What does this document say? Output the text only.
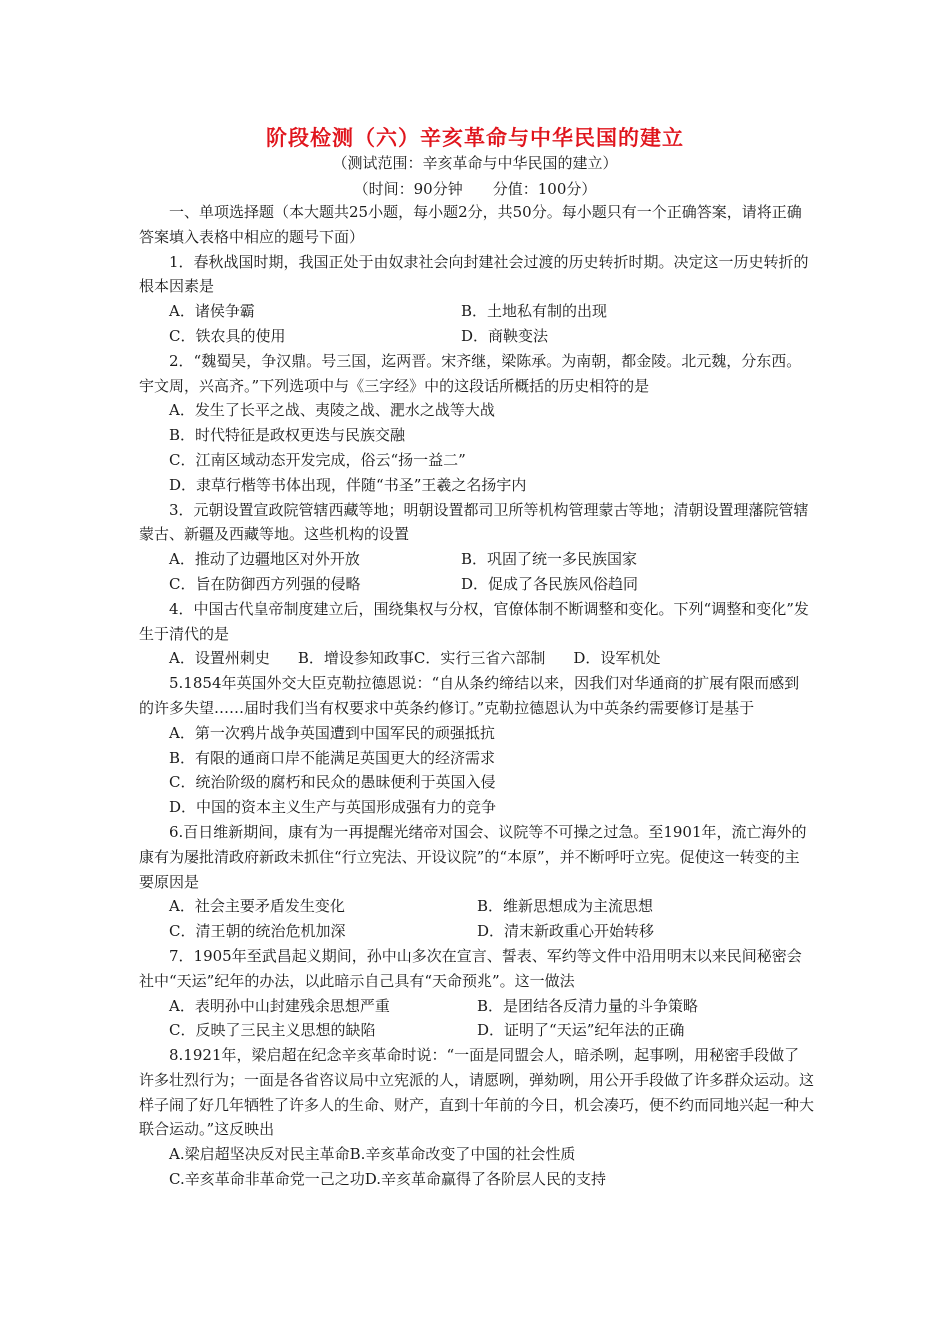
阶段检测（六）辛亥革命与中华民国的建立
（测试范围：辛亥革命与中华民国的建立）
（时间：90分钟　　分值：100分）

一、单项选择题（本大题共25小题，每小题2分，共50分。每小题只有一个正确答案，请将正确答案填入表格中相应的题号下面）

1．春秋战国时期，我国正处于由奴隶社会向封建社会过渡的历史转折时期。决定这一历史转折的根本因素是

A．诸侯争霸	B．土地私有制的出现
C．铁农具的使用	D．商鞅变法

2．“魏蜀吴，争汉鼎。号三国，迄两晋。宋齐继，梁陈承。为南朝，都金陵。北元魏，分东西。宇文周，兴高齐。”下列选项中与《三字经》中的这段话所概括的历史相符的是

A．发生了长平之战、夷陵之战、淝水之战等大战
B．时代特征是政权更迭与民族交融
C．江南区域动态开发完成，俗云“扬一益二”
D．隶草行楷等书体出现，伴随“书圣”王羲之名扬宇内

3．元朝设置宣政院管辖西藏等地；明朝设置都司卫所等机构管理蒙古等地；清朝设置理藩院管辖蒙古、新疆及西藏等地。这些机构的设置

A．推动了边疆地区对外开放	B．巩固了统一多民族国家
C．旨在防御西方列强的侵略	D．促成了各民族风俗趋同

4．中国古代皇帝制度建立后，围绕集权与分权，官僚体制不断调整和变化。下列“调整和变化”发生于清代的是

A．设置州刺史 B．增设参知政事C．实行三省六部制 D．设军机处

5.1854年英国外交大臣克勒拉德恩说：“自从条约缔结以来，因我们对华通商的扩展有限而感到的许多失望……届时我们当有权要求中英条约修订。”克勒拉德恩认为中英条约需要修订是基于

A．第一次鸦片战争英国遭到中国军民的顽强抵抗
B．有限的通商口岸不能满足英国更大的经济需求
C．统治阶级的腐朽和民众的愚昧便利于英国入侵
D．中国的资本主义生产与英国形成强有力的竞争

6.百日维新期间，康有为一再提醒光绪帝对国会、议院等不可操之过急。至1901年，流亡海外的康有为屡批清政府新政未抓住“行立宪法、开设议院”的“本原”，并不断呼吁立宪。促使这一转变的主要原因是

A．社会主要矛盾发生变化	B．维新思想成为主流思想
C．清王朝的统治危机加深	D．清末新政重心开始转移

7．1905年至武昌起义期间，孙中山多次在宣言、誓表、军约等文件中沿用明末以来民间秘密会社中“天运”纪年的办法，以此暗示自己具有“天命预兆”。这一做法

A．表明孙中山封建残余思想严重	B．是团结各反清力量的斗争策略
C．反映了三民主义思想的缺陷	D．证明了“天运”纪年法的正确

8.1921年，梁启超在纪念辛亥革命时说：“一面是同盟会人，暗杀咧，起事咧，用秘密手段做了许多壮烈行为；一面是各省咨议局中立宪派的人，请愿咧，弹劾咧，用公开手段做了许多群众运动。这样子闹了好几年牺牲了许多人的生命、财产，直到十年前的今日，机会凑巧，便不约而同地兴起一种大联合运动。”这反映出

A.梁启超坚决反对民主革命B.辛亥革命改变了中国的社会性质
C.辛亥革命非革命党一己之功D.辛亥革命赢得了各阶层人民的支持
